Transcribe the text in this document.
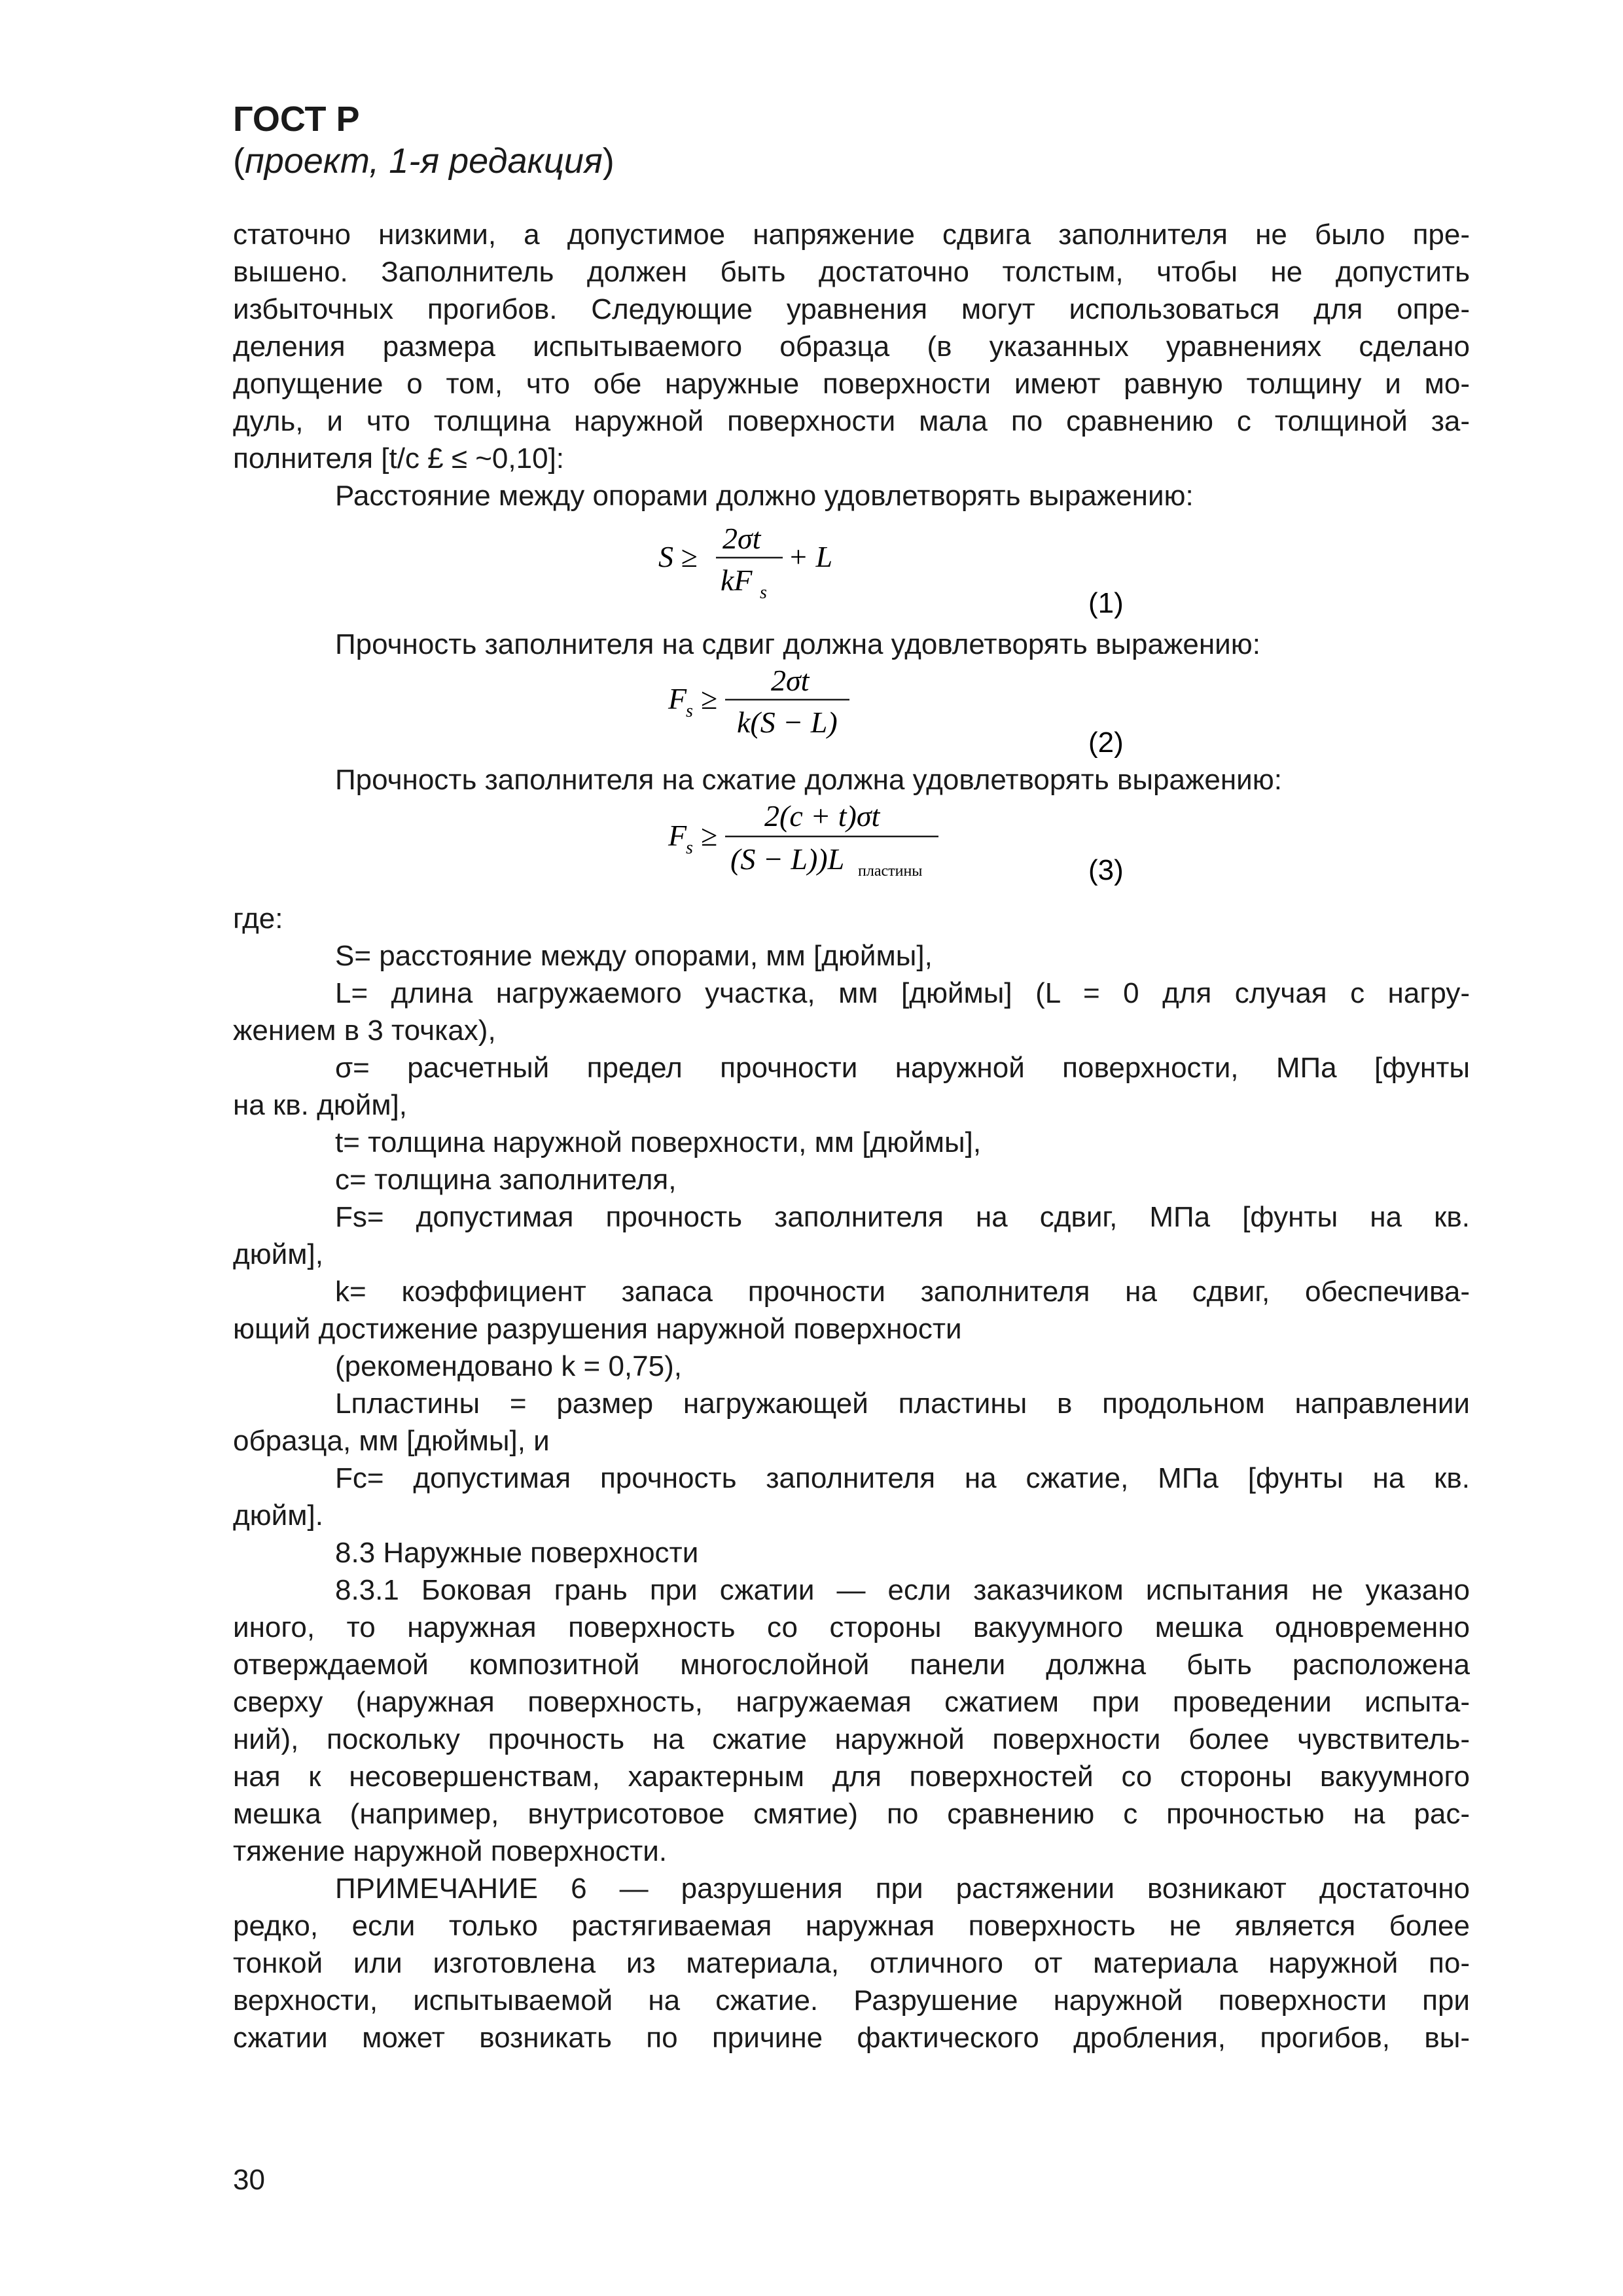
ГОСТ Р
(проект, 1-я редакция)

статочно низкими, а допустимое напряжение сдвига заполнителя не было пре-

вышено. Заполнитель должен быть достаточно толстым, чтобы не допустить

избыточных прогибов. Следующие уравнения могут использоваться для опре-

деления размера испытываемого образца (в указанных уравнениях сделано

допущение о том, что обе наружные поверхности имеют равную толщину и мо-

дуль, и что толщина наружной поверхности мала по сравнению с толщиной за-

полнителя [t/c £ ≤ ~0,10]:

Расстояние между опорами должно удовлетворять выражению:

S ≥
2σt
kF s
+ L
(1)

Прочность заполнителя на сдвиг должна удовлетворять выражению:

F
s ≥
2σt
k(S − L)
(2)

Прочность заполнителя на сжатие должна удовлетворять выражению:

F
s ≥
2(c + t)σt
(S − L))L пластины	(3)

где:

S= расстояние между опорами, мм [дюймы],

L= длина нагружаемого участка, мм [дюймы] (L = 0 для случая с нагру-

жением в 3 точках),

σ= расчетный предел прочности наружной поверхности, МПа [фунты

на кв. дюйм],

t= толщина наружной поверхности, мм [дюймы],

c= толщина заполнителя,

Fs= допустимая прочность заполнителя на сдвиг, МПа [фунты на кв.

дюйм],

k= коэффициент запаса прочности заполнителя на сдвиг, обеспечива-

ющий достижение разрушения наружной поверхности

(рекомендовано k = 0,75),

Lпластины = размер нагружающей пластины в продольном направлении

образца, мм [дюймы], и

Fc= допустимая прочность заполнителя на сжатие, МПа [фунты на кв.

дюйм].

8.3 Наружные поверхности

8.3.1 Боковая грань при сжатии — если заказчиком испытания не указано

иного, то наружная поверхность со стороны вакуумного мешка одновременно

отверждаемой композитной многослойной панели должна быть расположена

сверху (наружная поверхность, нагружаемая сжатием при проведении испыта-

ний), поскольку прочность на сжатие наружной поверхности более чувствитель-

ная к несовершенствам, характерным для поверхностей со стороны вакуумного

мешка (например, внутрисотовое смятие) по сравнению с прочностью на рас-

тяжение наружной поверхности.

ПРИМЕЧАНИЕ 6 — разрушения при растяжении возникают достаточно

редко, если только растягиваемая наружная поверхность не является более

тонкой или изготовлена из материала, отличного от материала наружной по-

верхности, испытываемой на сжатие. Разрушение наружной поверхности при

сжатии может возникать по причине фактического дробления, прогибов, вы-

30
